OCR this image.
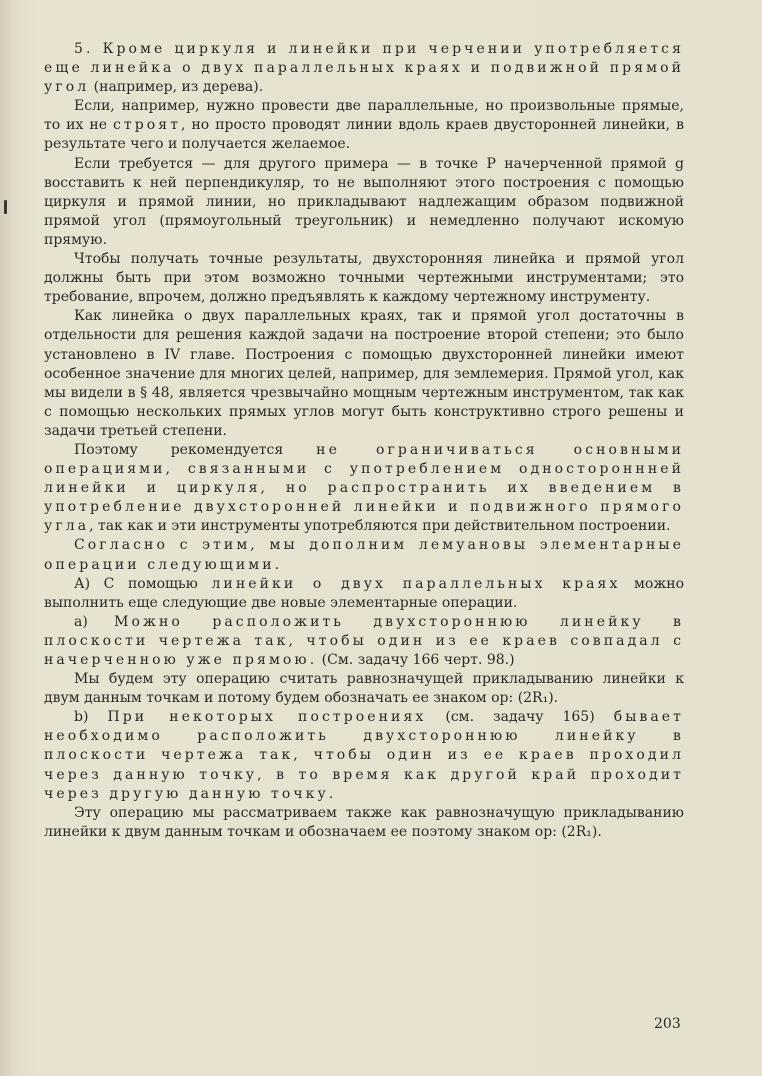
5. Кроме циркуля и линейки при черчении употребляется еще линейка о двух параллельных краях и подвижной прямой угол (например, из дерева).

Если, например, нужно провести две параллельные, но произвольные прямые, то их не строят, но просто проводят линии вдоль краев двусторонней линейки, в результате чего и получается желаемое.

Если требуется — для другого примера — в точке P начерченной прямой g восставить к ней перпендикуляр, то не выполняют этого построения с помощью циркуля и прямой линии, но прикладывают надлежащим образом подвижной прямой угол (прямоугольный треугольник) и немедленно получают искомую прямую.

Чтобы получать точные результаты, двухсторонняя линейка и прямой угол должны быть при этом возможно точными чертежными инструментами; это требование, впрочем, должно предъявлять к каждому чертежному инструменту.

Как линейка о двух параллельных краях, так и прямой угол достаточны в отдельности для решения каждой задачи на построение второй степени; это было установлено в IV главе. Построения с помощью двухсторонней линейки имеют особенное значение для многих целей, например, для землемерия. Прямой угол, как мы видели в § 48, является чрезвычайно мощным чертежным инструментом, так как с помощью нескольких прямых углов могут быть конструктивно строго решены и задачи третьей степени.

Поэтому рекомендуется не ограничиваться основными операциями, связанными с употреблением одностороннней линейки и циркуля, но распространить их введением в употребление двухсторонней линейки и подвижного прямого угла, так как и эти инструменты употребляются при действительном построении.

Согласно с этим, мы дополним лемуановы элементарные операции следующими.

А) С помощью линейки о двух параллельных краях можно выполнить еще следующие две новые элементарные операции.

а) Можно расположить двухстороннюю линейку в плоскости чертежа так, чтобы один из ее краев совпадал с начерченною уже прямою. (См. задачу 166 черт. 98.)

Мы будем эту операцию считать равнозначущей прикладыванию линейки к двум данным точкам и потому будем обозначать ее знаком ор: (2R₁).

b) При некоторых построениях (см. задачу 165) бывает необходимо расположить двухстороннюю линейку в плоскости чертежа так, чтобы один из ее краев проходил через данную точку, в то время как другой край проходит через другую данную точку.

Эту операцию мы рассматриваем также как равнозначущую прикладыванию линейки к двум данным точкам и обозначаем ее поэтому знаком ор: (2R₁).

203
